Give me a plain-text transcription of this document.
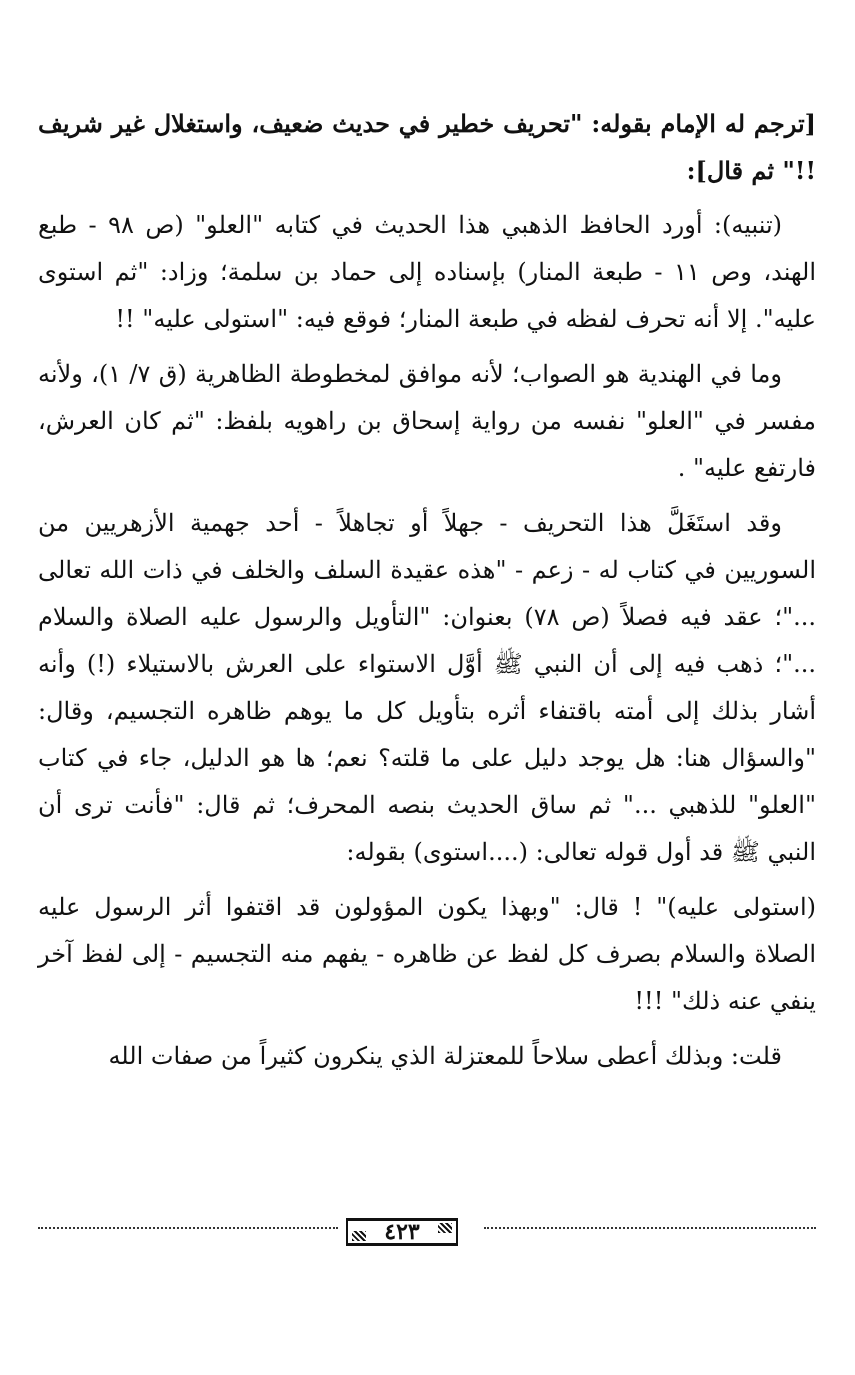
[ترجم له الإمام بقوله: "تحريف خطير في حديث ضعيف، واستغلال غير شريف !!" ثم قال]:

(تنبيه): أورد الحافظ الذهبي هذا الحديث في كتابه "العلو" (ص ٩٨ - طبع الهند، وص ١١ - طبعة المنار) بإسناده إلى حماد بن سلمة؛ وزاد: "ثم استوى عليه". إلا أنه تحرف لفظه في طبعة المنار؛ فوقع فيه: "استولى عليه" !!

وما في الهندية هو الصواب؛ لأنه موافق لمخطوطة الظاهرية (ق ٧/ ١)، ولأنه مفسر في "العلو" نفسه من رواية إسحاق بن راهويه بلفظ: "ثم كان العرش، فارتفع عليه" .

وقد استَغَلَّ هذا التحريف - جهلاً أو تجاهلاً - أحد جهمية الأزهريين من السوريين في كتاب له - زعم - "هذه عقيدة السلف والخلف في ذات الله تعالى ..."؛ عقد فيه فصلاً (ص ٧٨) بعنوان: "التأويل والرسول عليه الصلاة والسلام ..."؛ ذهب فيه إلى أن النبي ﷺ أوَّل الاستواء على العرش بالاستيلاء (!) وأنه أشار بذلك إلى أمته باقتفاء أثره بتأويل كل ما يوهم ظاهره التجسيم، وقال: "والسؤال هنا: هل يوجد دليل على ما قلته؟ نعم؛ ها هو الدليل، جاء في كتاب "العلو" للذهبي ..." ثم ساق الحديث بنصه المحرف؛ ثم قال: "فأنت ترى أن النبي ﷺ قد أول قوله تعالى: (....استوى) بقوله:

(استولى عليه)" ! قال: "وبهذا يكون المؤولون قد اقتفوا أثر الرسول عليه الصلاة والسلام بصرف كل لفظ عن ظاهره - يفهم منه التجسيم - إلى لفظ آخر ينفي عنه ذلك" !!!

قلت: وبذلك أعطى سلاحاً للمعتزلة الذي ينكرون كثيراً من صفات الله

٤٢٣
